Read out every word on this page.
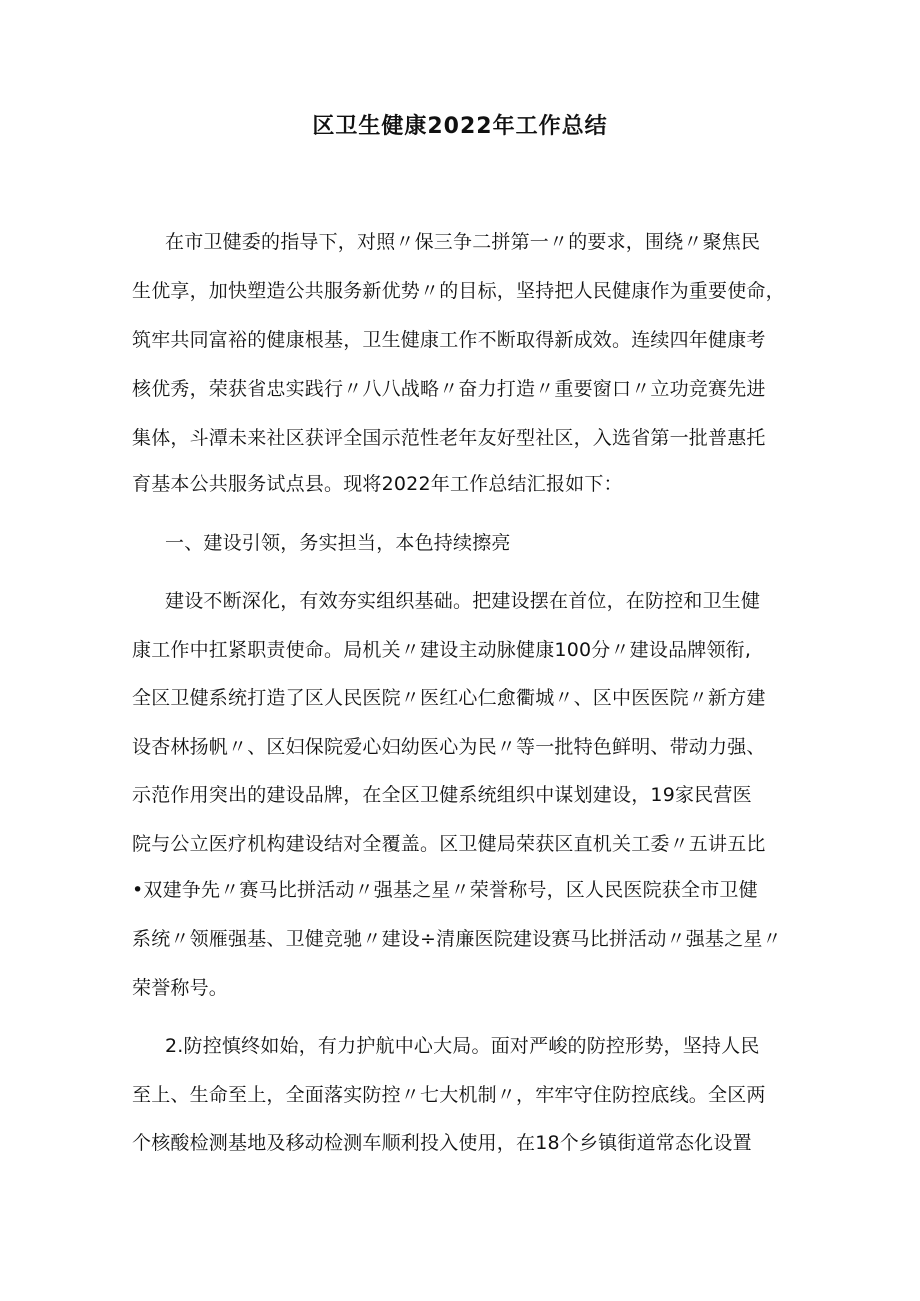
区卫生健康2022年工作总结
在市卫健委的指导下，对照〃保三争二拼第一〃的要求，围绕〃聚焦民
生优享，加快塑造公共服务新优势〃的目标，坚持把人民健康作为重要使命，
筑牢共同富裕的健康根基，卫生健康工作不断取得新成效。连续四年健康考
核优秀，荣获省忠实践行〃八八战略〃奋力打造〃重要窗口〃立功竞赛先进
集体，斗潭未来社区获评全国示范性老年友好型社区，入选省第一批普惠托
育基本公共服务试点县。现将2022年工作总结汇报如下：
一、建设引领，务实担当，本色持续擦亮
建设不断深化，有效夯实组织基础。把建设摆在首位，在防控和卫生健
康工作中扛紧职责使命。局机关〃建设主动脉健康100分〃建设品牌领衔,
全区卫健系统打造了区人民医院〃医红心仁愈衢城〃、区中医医院〃新方建
设杏林扬帆〃、区妇保院爱心妇幼医心为民〃等一批特色鲜明、带动力强、
示范作用突出的建设品牌，在全区卫健系统组织中谋划建设，19家民营医
院与公立医疗机构建设结对全覆盖。区卫健局荣获区直机关工委〃五讲五比
•双建争先〃赛马比拼活动〃强基之星〃荣誉称号，区人民医院获全市卫健
系统〃领雁强基、卫健竞驰〃建设÷清廉医院建设赛马比拼活动〃强基之星〃
荣誉称号。
2.防控慎终如始，有力护航中心大局。面对严峻的防控形势，坚持人民
至上、生命至上，全面落实防控〃七大机制〃，牢牢守住防控底线。全区两
个核酸检测基地及移动检测车顺利投入使用，在18个乡镇街道常态化设置
